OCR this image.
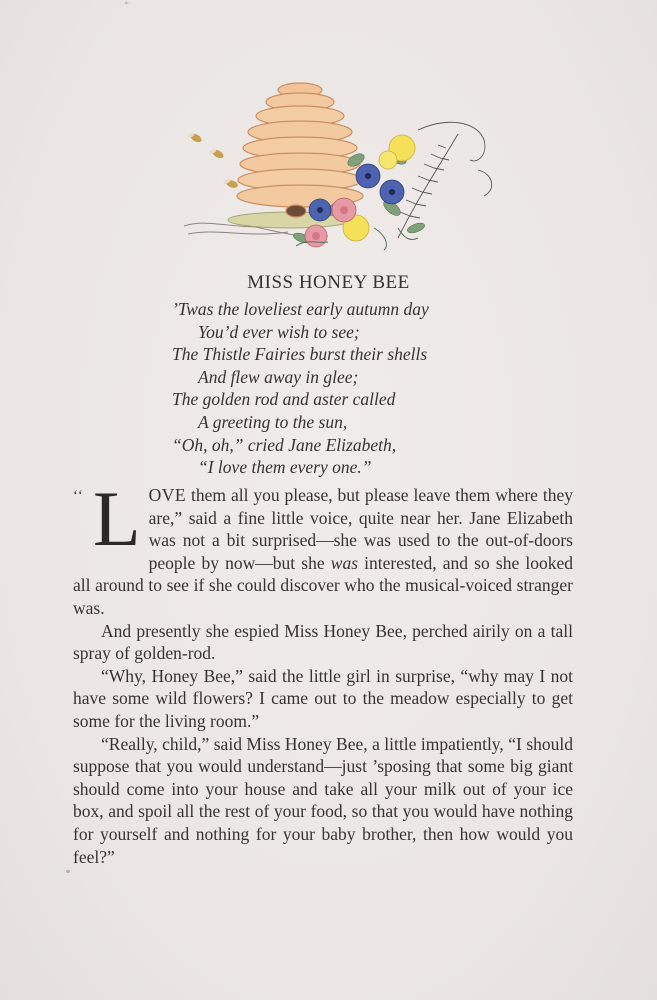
*
MISS HONEY BEE
’Twas the loveliest early autumn day
You’d ever wish to see;
The Thistle Fairies burst their shells
And flew away in glee;
The golden rod and aster called
A greeting to the sun,
“Oh, oh,” cried Jane Elizabeth,
“I love them every one.”

‘‘ L OVE them all you please, but please leave them where they are,” said a fine little voice, quite near her. Jane Elizabeth was not a bit surprised—she was used to the out-of-doors people by now—but she was interested, and so she looked all around to see if she could discover who the musical-voiced stranger was.

And presently she espied Miss Honey Bee, perched airily on a tall spray of golden-rod.

“Why, Honey Bee,” said the little girl in surprise, “why may I not have some wild flowers? I came out to the meadow especially to get some for the living room.”

“Really, child,” said Miss Honey Bee, a little impatiently, “I should suppose that you would understand—just ’sposing that some big giant should come into your house and take all your milk out of your ice box, and spoil all the rest of your food, so that you would have nothing for yourself and nothing for your baby brother, then how would you feel?”
